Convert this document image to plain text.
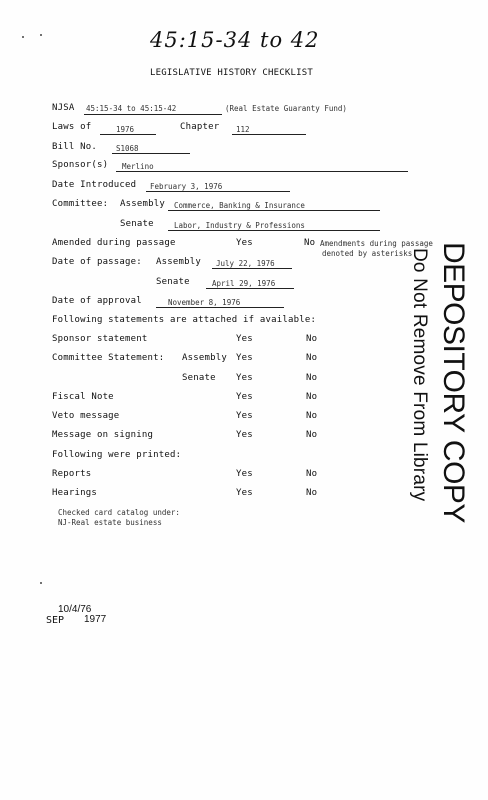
45:15-34 to 42
LEGISLATIVE HISTORY CHECKLIST
NJSA 45:15-34 to 45:15-42	(Real Estate Guaranty Fund)
Laws of	1976	Chapter 112
Bill No.	S1068
Sponsor(s) Merlino
Date Introduced February 3, 1976
Committee: Assembly Commerce, Banking & Insurance
Senate	Labor, Industry & Professions
Amended during passage	Yes	No Amendments during passage
denoted by asterisks.
Date of passage: Assembly July 22, 1976
Senate	April 29, 1976
Date of approval	November 8, 1976
Following statements are attached if available:
Sponsor statement	Yes	No
Committee Statement: Assembly Yes	No
Senate Yes	No
Fiscal Note	Yes	No
Veto message	Yes	No
Message on signing	Yes	No
Following were printed:
Reports	Yes	No
Hearings	Yes	No
Checked card catalog under:
NJ-Real estate business
10/4/76
SEP 1977
DEPOSITORY COPY
Do Not Remove From Library
